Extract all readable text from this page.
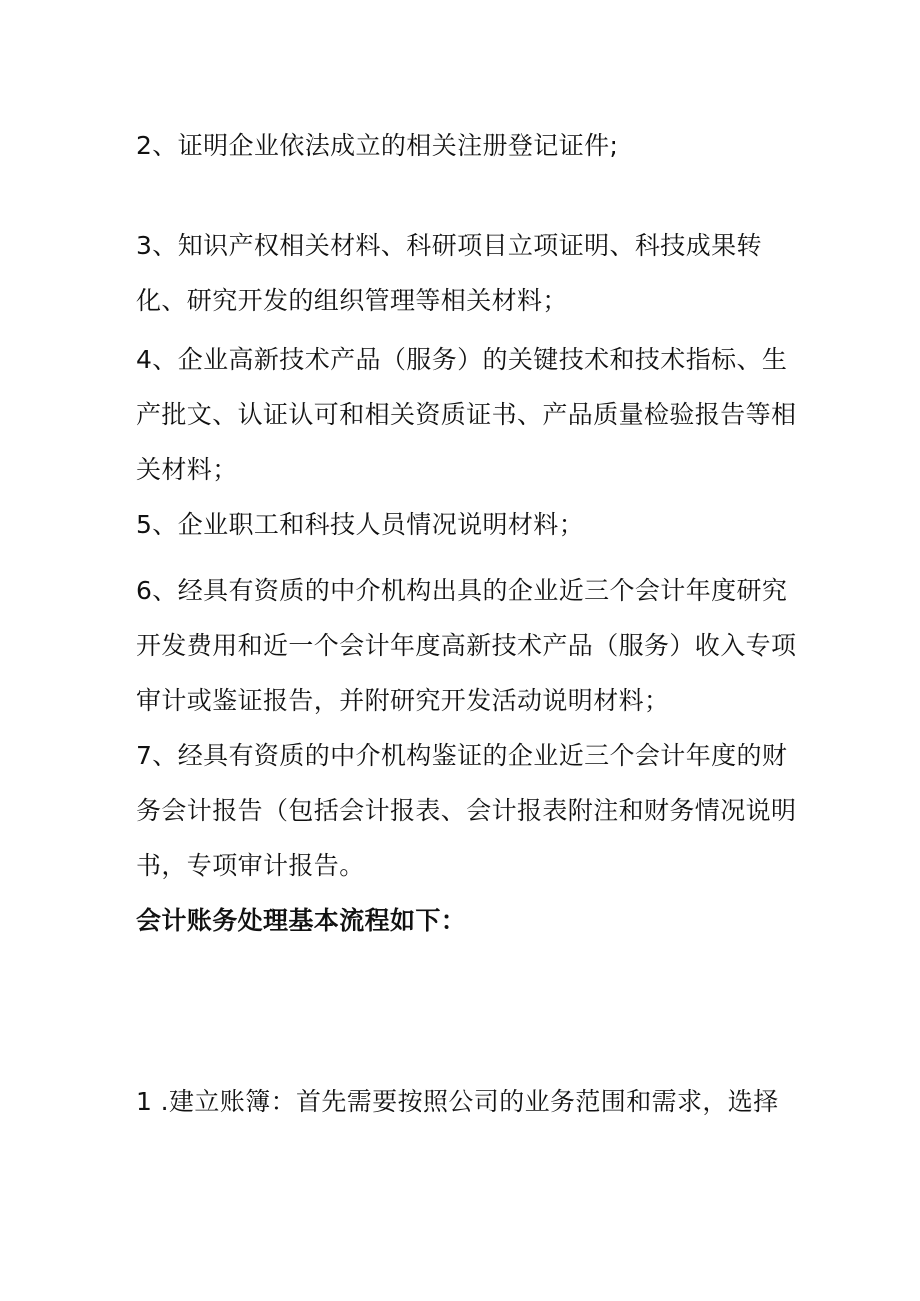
2、证明企业依法成立的相关注册登记证件;

3、知识产权相关材料、科研项目立项证明、科技成果转
化、研究开发的组织管理等相关材料；

4、企业高新技术产品（服务）的关键技术和技术指标、生
产批文、认证认可和相关资质证书、产品质量检验报告等相
关材料；

5、企业职工和科技人员情况说明材料；

6、经具有资质的中介机构出具的企业近三个会计年度研究
开发费用和近一个会计年度高新技术产品（服务）收入专项
审计或鉴证报告，并附研究开发活动说明材料；

7、经具有资质的中介机构鉴证的企业近三个会计年度的财
务会计报告（包括会计报表、会计报表附注和财务情况说明
书，专项审计报告。

会计账务处理基本流程如下：

1 .建立账簿：首先需要按照公司的业务范围和需求，选择
